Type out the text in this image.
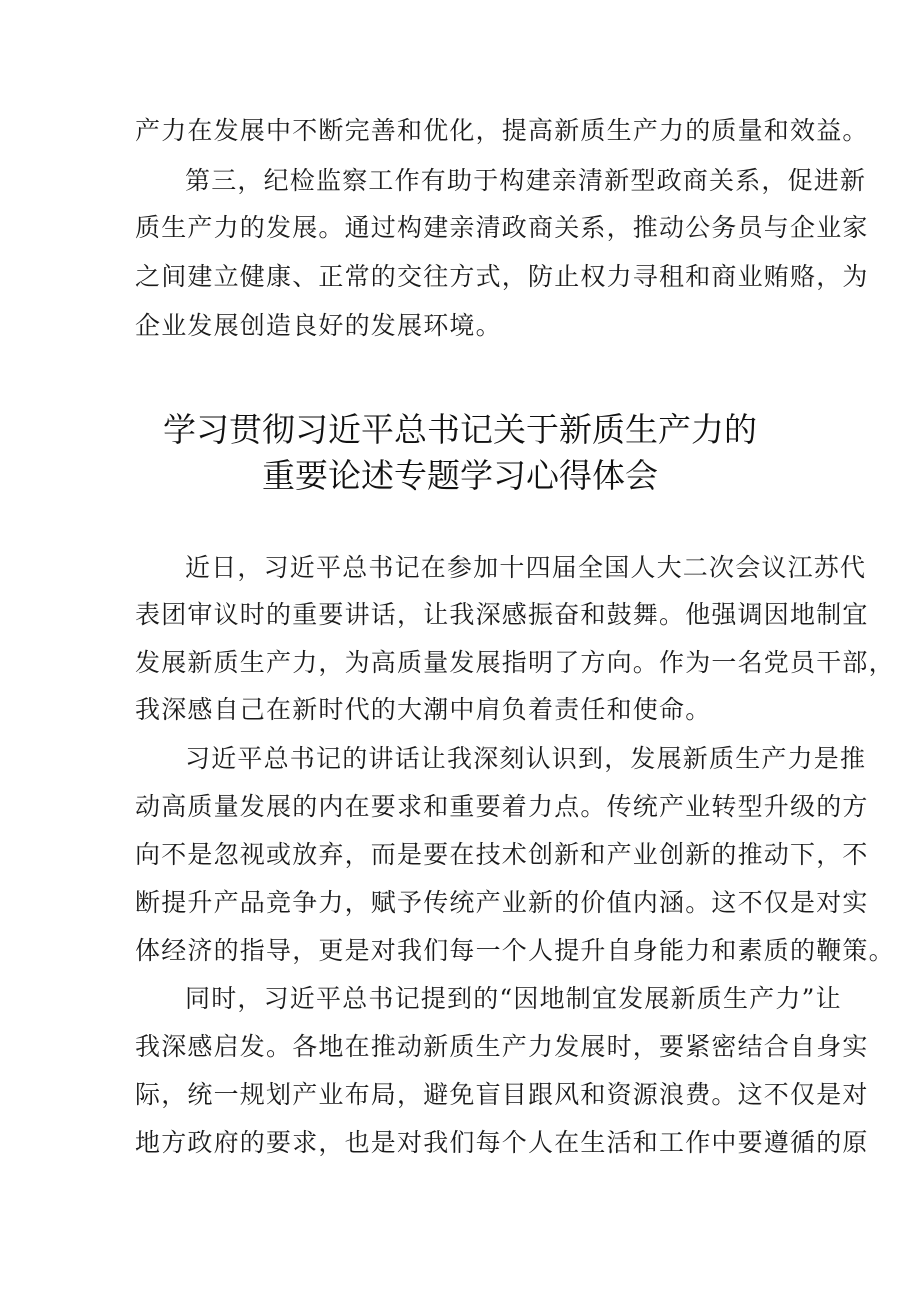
产力在发展中不断完善和优化，提高新质生产力的质量和效益。
第三，纪检监察工作有助于构建亲清新型政商关系，促进新
质生产力的发展。通过构建亲清政商关系，推动公务员与企业家
之间建立健康、正常的交往方式，防止权力寻租和商业贿赂，为
企业发展创造良好的发展环境。
学习贯彻习近平总书记关于新质生产力的
重要论述专题学习心得体会
近日，习近平总书记在参加十四届全国人大二次会议江苏代
表团审议时的重要讲话，让我深感振奋和鼓舞。他强调因地制宜
发展新质生产力，为高质量发展指明了方向。作为一名党员干部，
我深感自己在新时代的大潮中肩负着责任和使命。
习近平总书记的讲话让我深刻认识到，发展新质生产力是推
动高质量发展的内在要求和重要着力点。传统产业转型升级的方
向不是忽视或放弃，而是要在技术创新和产业创新的推动下，不
断提升产品竞争力，赋予传统产业新的价值内涵。这不仅是对实
体经济的指导，更是对我们每一个人提升自身能力和素质的鞭策。
同时，习近平总书记提到的“因地制宜发展新质生产力”让
我深感启发。各地在推动新质生产力发展时，要紧密结合自身实
际，统一规划产业布局，避免盲目跟风和资源浪费。这不仅是对
地方政府的要求，也是对我们每个人在生活和工作中要遵循的原
